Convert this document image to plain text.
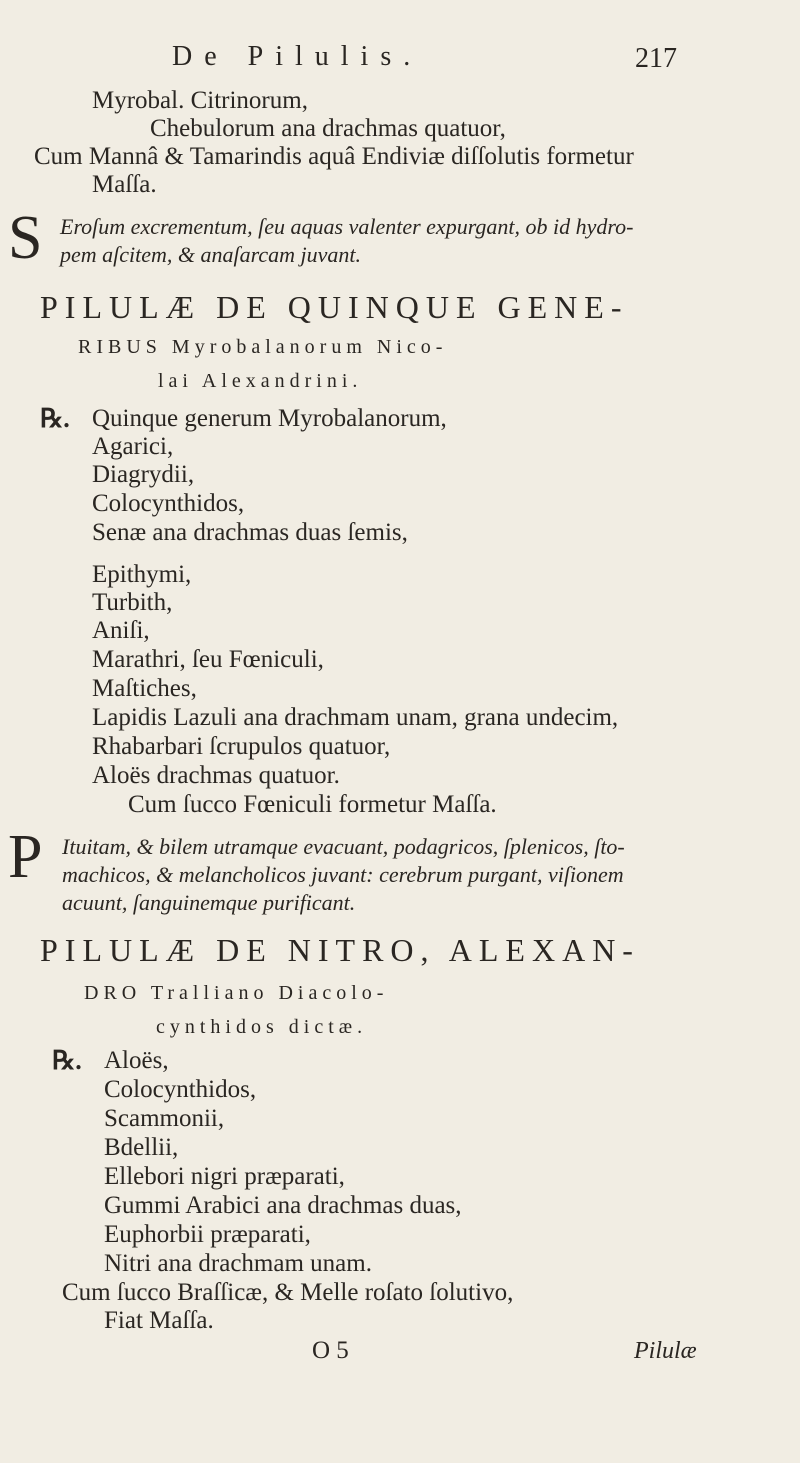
De Pilulis.	217
Myrobal. Citrinorum,
Chebulorum ana drachmas quatuor,
Cum Mannâ & Tamarindis aquâ Endiviæ diſſolutis formetur
Maſſa.
S Eroſum excrementum, ſeu aquas valenter expurgant, ob id hydro-
pem aſcitem, & anaſarcam juvant.
PILULÆ DE QUINQUE GENE-
RIBUS Myrobalanorum Nico-
lai Alexandrini.
℞. Quinque generum Myrobalanorum,
Agarici,
Diagrydii,
Colocynthidos,
Senæ ana drachmas duas ſemis,
Epithymi,
Turbith,
Aniſi,
Marathri, ſeu Fœniculi,
Maſtiches,
Lapidis Lazuli ana drachmam unam, grana undecim,
Rhabarbari ſcrupulos quatuor,
Aloës drachmas quatuor.
Cum ſucco Fœniculi formetur Maſſa.
P Ituitam, & bilem utramque evacuant, podagricos, ſplenicos, ſto-
machicos, & melancholicos juvant: cerebrum purgant, viſionem
acuunt, ſanguinemque purificant.
PILULÆ DE NITRO, ALEXAN-
DRO Tralliano Diacolo-
cynthidos dictæ.
℞. Aloës,
Colocynthidos,
Scammonii,
Bdellii,
Ellebori nigri præparati,
Gummi Arabici ana drachmas duas,
Euphorbii præparati,
Nitri ana drachmam unam.
Cum ſucco Braſſicæ, & Melle roſato ſolutivo,
Fiat Maſſa.
O 5	Pilulæ
